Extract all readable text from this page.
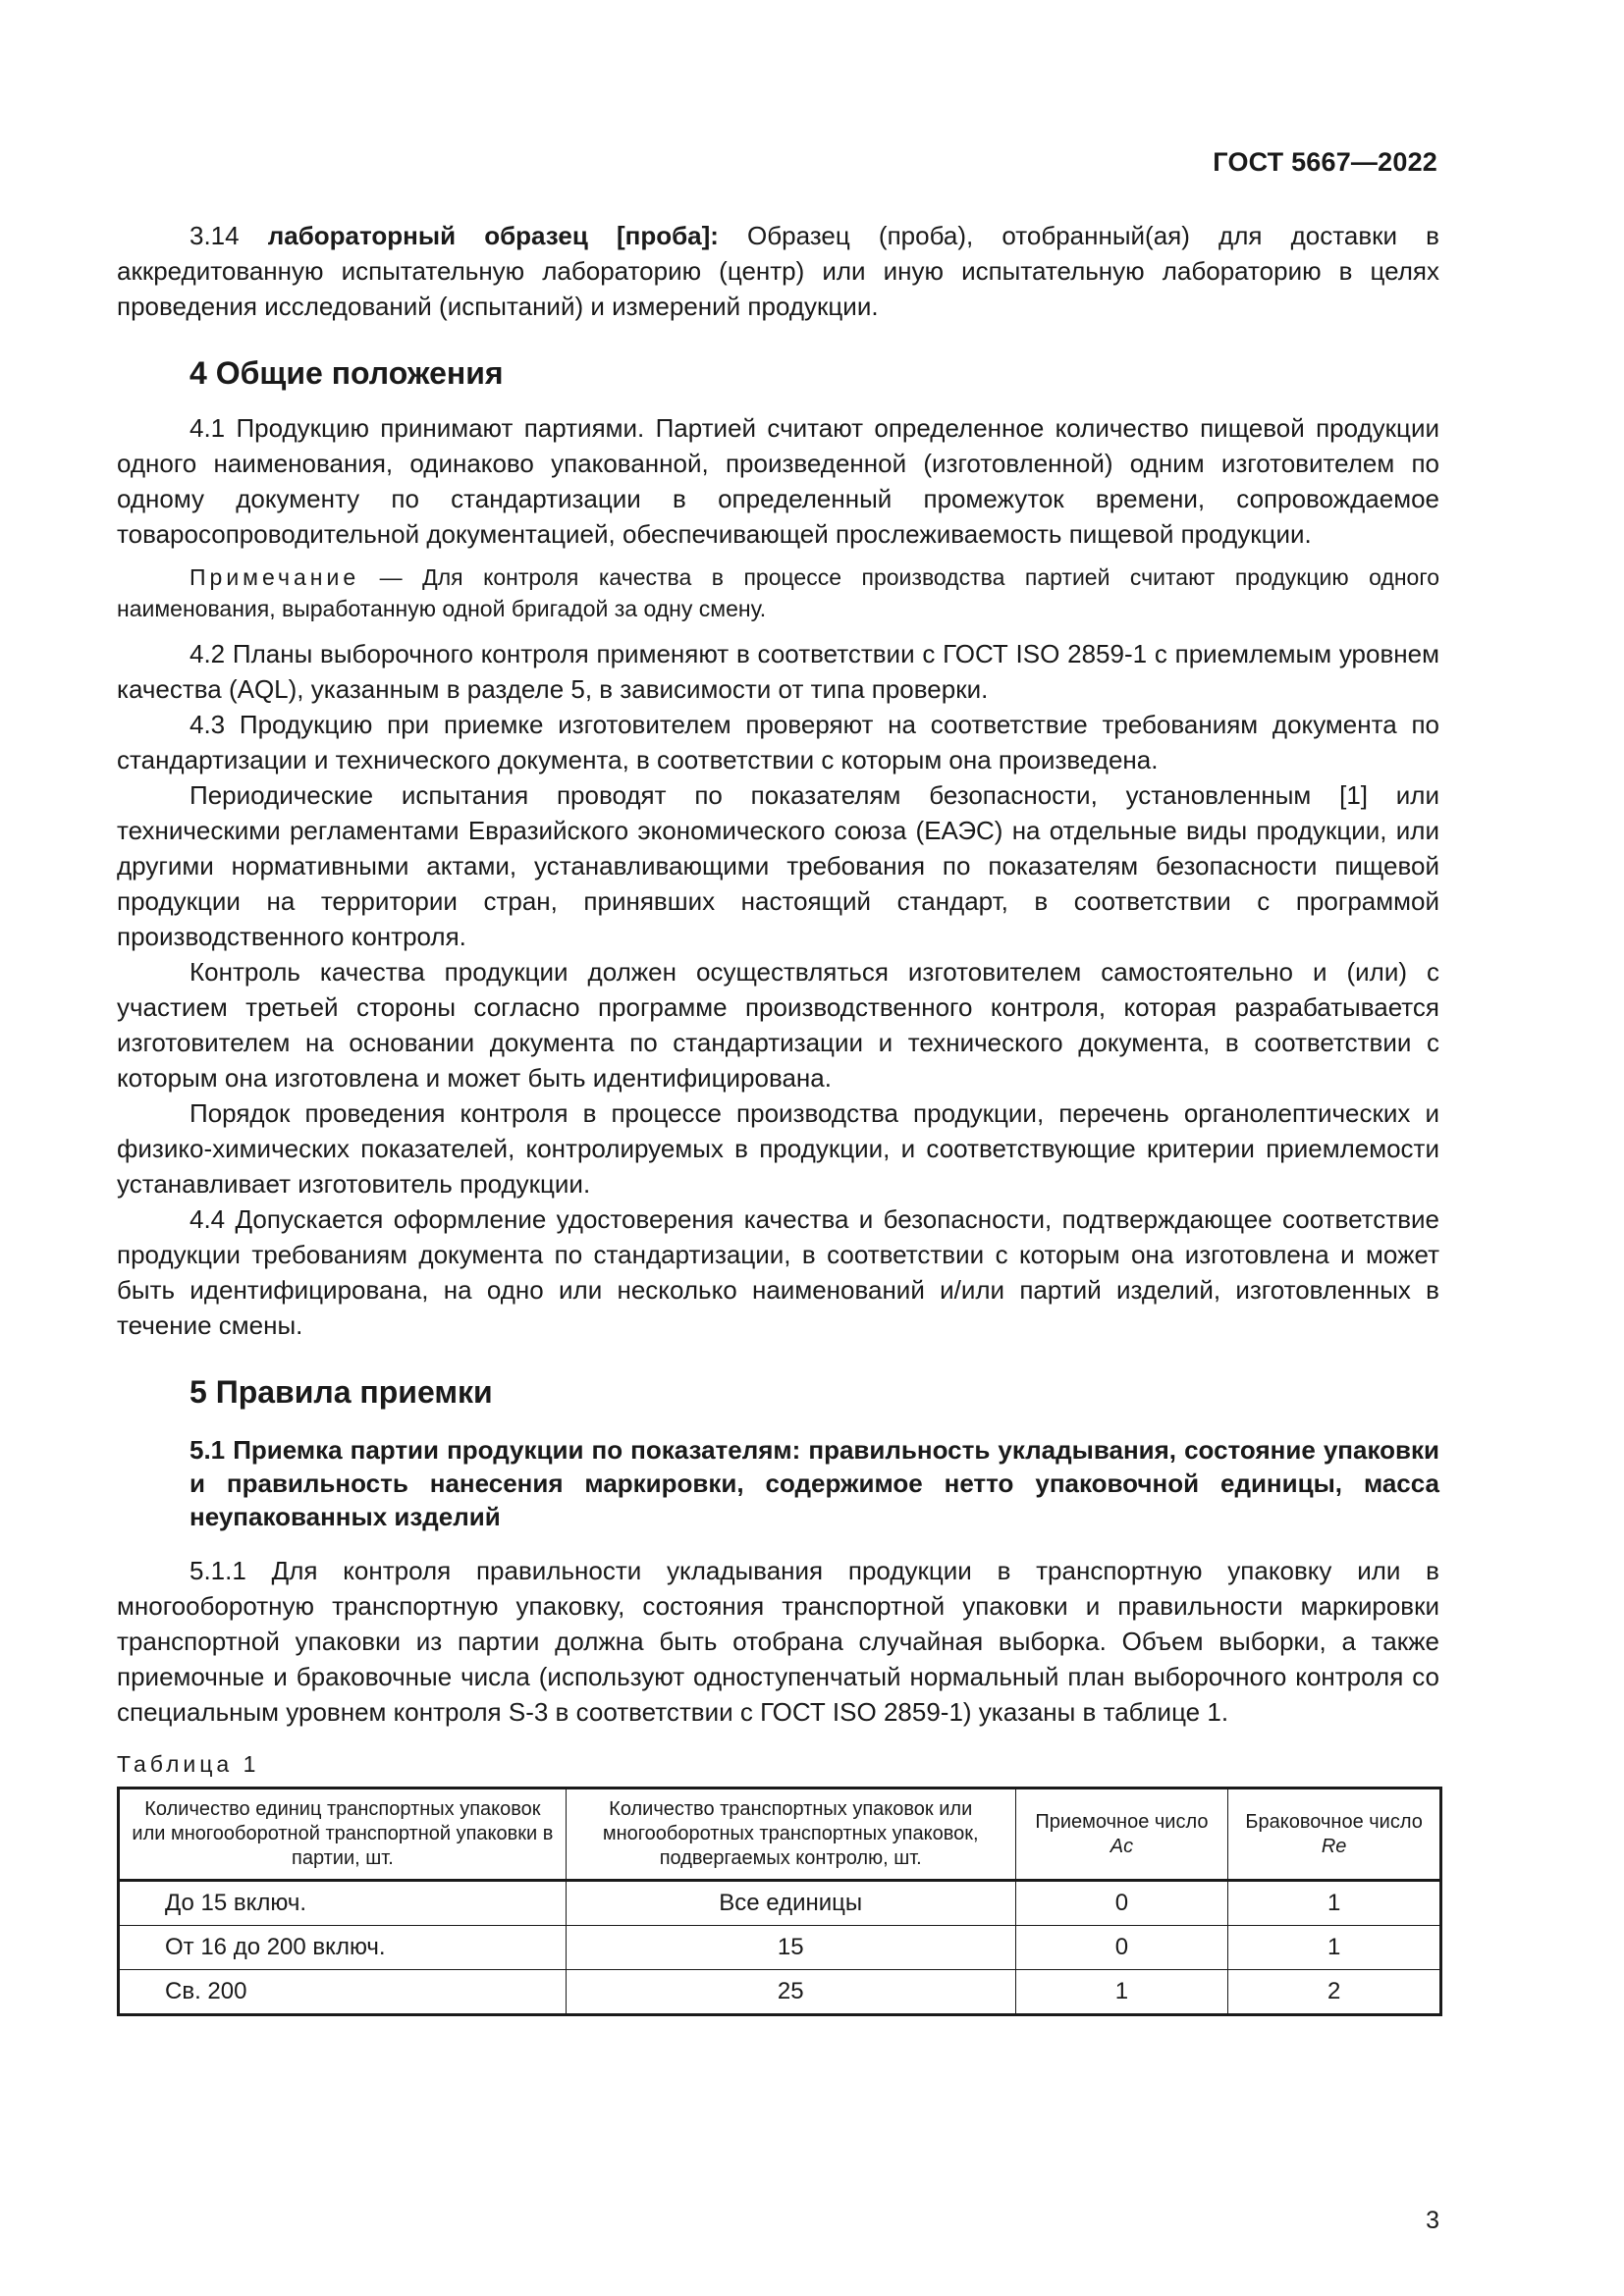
ГОСТ 5667—2022

3.14 лабораторный образец [проба]: Образец (проба), отобранный(ая) для доставки в аккредитованную испытательную лабораторию (центр) или иную испытательную лабораторию в целях проведения исследований (испытаний) и измерений продукции.

4 Общие положения

4.1 Продукцию принимают партиями. Партией считают определенное количество пищевой продукции одного наименования, одинаково упакованной, произведенной (изготовленной) одним изготовителем по одному документу по стандартизации в определенный промежуток времени, сопровождаемое товаросопроводительной документацией, обеспечивающей прослеживаемость пищевой продукции.

Примечание — Для контроля качества в процессе производства партией считают продукцию одного наименования, выработанную одной бригадой за одну смену.

4.2 Планы выборочного контроля применяют в соответствии с ГОСТ ISO 2859-1 с приемлемым уровнем качества (AQL), указанным в разделе 5, в зависимости от типа проверки.

4.3 Продукцию при приемке изготовителем проверяют на соответствие требованиям документа по стандартизации и технического документа, в соответствии с которым она произведена.

Периодические испытания проводят по показателям безопасности, установленным [1] или техническими регламентами Евразийского экономического союза (ЕАЭС) на отдельные виды продукции, или другими нормативными актами, устанавливающими требования по показателям безопасности пищевой продукции на территории стран, принявших настоящий стандарт, в соответствии с программой производственного контроля.

Контроль качества продукции должен осуществляться изготовителем самостоятельно и (или) с участием третьей стороны согласно программе производственного контроля, которая разрабатывается изготовителем на основании документа по стандартизации и технического документа, в соответствии с которым она изготовлена и может быть идентифицирована.

Порядок проведения контроля в процессе производства продукции, перечень органолептических и физико-химических показателей, контролируемых в продукции, и соответствующие критерии приемлемости устанавливает изготовитель продукции.

4.4 Допускается оформление удостоверения качества и безопасности, подтверждающее соответствие продукции требованиям документа по стандартизации, в соответствии с которым она изготовлена и может быть идентифицирована, на одно или несколько наименований и/или партий изделий, изготовленных в течение смены.

5 Правила приемки
5.1 Приемка партии продукции по показателям: правильность укладывания, состояние упаковки и правильность нанесения маркировки, содержимое нетто упаковочной единицы, масса неупакованных изделий

5.1.1 Для контроля правильности укладывания продукции в транспортную упаковку или в многооборотную транспортную упаковку, состояния транспортной упаковки и правильности маркировки транспортной упаковки из партии должна быть отобрана случайная выборка. Объем выборки, а также приемочные и браковочные числа (используют одноступенчатый нормальный план выборочного контроля со специальным уровнем контроля S-3 в соответствии с ГОСТ ISO 2859-1) указаны в таблице 1.

Таблица 1
Количество единиц транспортных упаковок или многооборотной транспортной упаковки в партии, шт.	Количество транспортных упаковок или многооборотных транспортных упаковок, подвергаемых контролю, шт.	Приемочное число Ac	Браковочное число Re
До 15 включ.	Все единицы	0	1
От 16 до 200 включ.	15	0	1
Св. 200	25	1	2
3
